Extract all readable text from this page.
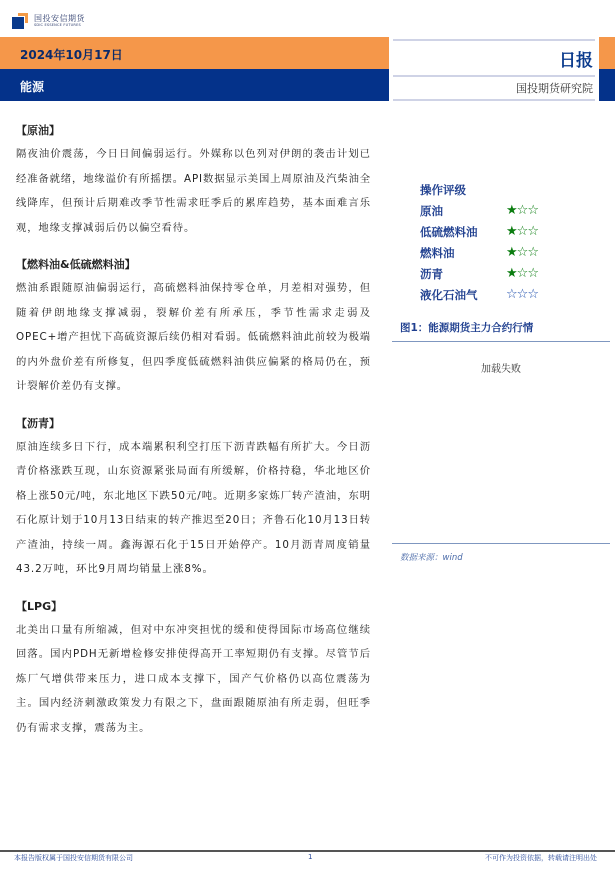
国投安信期货
SDIC ESSENCE FUTURES
2024年10月17日
能源
日报
国投期货研究院
【原油】
隔夜油价震荡，今日日间偏弱运行。外媒称以色列对伊朗的袭击计划已经准备就绪，地缘溢价有所摇摆。API数据显示美国上周原油及汽柴油全线降库，但预计后期难改季节性需求旺季后的累库趋势，基本面难言乐观，地缘支撑减弱后仍以偏空看待。
【燃料油&低硫燃料油】
燃油系跟随原油偏弱运行，高硫燃料油保持零仓单，月差相对强势，但随着伊朗地缘支撑减弱，裂解价差有所承压，季节性需求走弱及OPEC+增产担忧下高硫资源后续仍相对看弱。低硫燃料油此前较为极端的内外盘价差有所修复，但四季度低硫燃料油供应偏紧的格局仍在，预计裂解价差仍有支撑。
【沥青】
原油连续多日下行，成本端累积利空打压下沥青跌幅有所扩大。今日沥青价格涨跌互现，山东资源紧张局面有所缓解，价格持稳，华北地区价格上涨50元/吨，东北地区下跌50元/吨。近期多家炼厂转产渣油，东明石化原计划于10月13日结束的转产推迟至20日；齐鲁石化10月13日转产渣油，持续一周。鑫海源石化于15日开始停产。10月沥青周度销量43.2万吨，环比9月周均销量上涨8%。
【LPG】
北美出口量有所缩减，但对中东冲突担忧的缓和使得国际市场高位继续回落。国内PDH无新增检修安排使得高开工率短期仍有支撑。尽管节后炼厂气增供带来压力，进口成本支撑下，国产气价格仍以高位震荡为主。国内经济刺激政策发力有限之下，盘面跟随原油有所走弱，但旺季仍有需求支撑，震荡为主。
操作评级
原油	★ ☆ ☆
低硫燃料油	★ ☆ ☆
燃料油	★ ☆ ☆
沥青	★ ☆ ☆
液化石油气	☆ ☆ ☆
图1：能源期货主力合约行情
加载失败
数据来源：wind
本报告版权属于国投安信期货有限公司	1	不可作为投资依据，转载请注明出处
